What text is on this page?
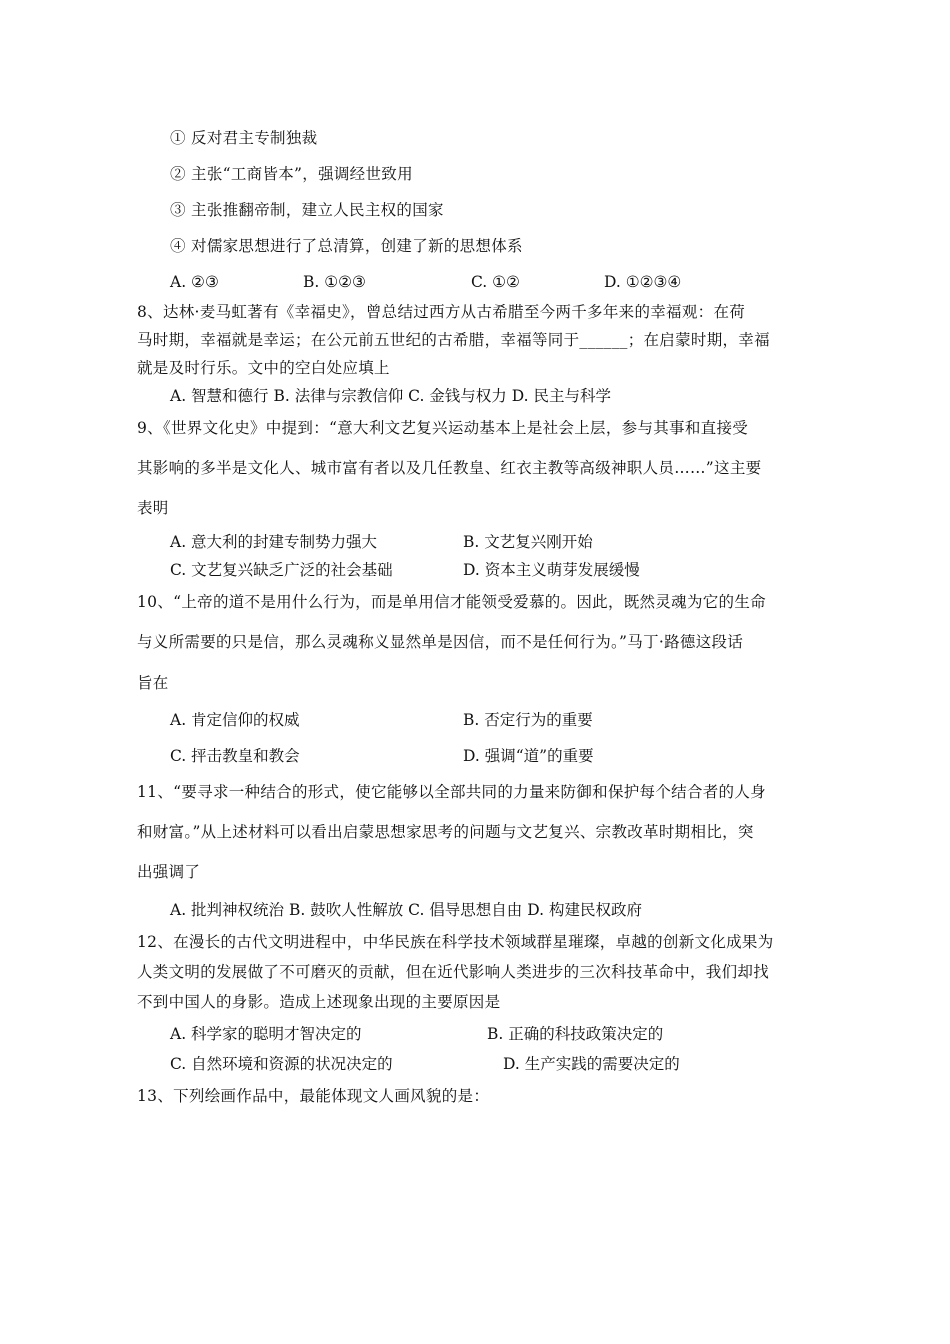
① 反对君主专制独裁
② 主张“工商皆本”，强调经世致用
③ 主张推翻帝制，建立人民主权的国家
④ 对儒家思想进行了总清算，创建了新的思想体系
A. ②③	B. ①②③	C. ①②	D. ①②③④
8、达林·麦马虹著有《幸福史》，曾总结过西方从古希腊至今两千多年来的幸福观：在荷
马时期，幸福就是幸运；在公元前五世纪的古希腊，幸福等同于______；在启蒙时期，幸福
就是及时行乐。文中的空白处应填上
A. 智慧和德行 B. 法律与宗教信仰 C. 金钱与权力 D. 民主与科学
9、《世界文化史》中提到：“意大利文艺复兴运动基本上是社会上层，参与其事和直接受
其影响的多半是文化人、城市富有者以及几任教皇、红衣主教等高级神职人员……”这主要
表明
A. 意大利的封建专制势力强大	B. 文艺复兴刚开始
C. 文艺复兴缺乏广泛的社会基础	D. 资本主义萌芽发展缓慢
10、“上帝的道不是用什么行为，而是单用信才能领受爱慕的。因此，既然灵魂为它的生命
与义所需要的只是信，那么灵魂称义显然单是因信，而不是任何行为。”马丁·路德这段话
旨在
A. 肯定信仰的权威	B. 否定行为的重要
C. 抨击教皇和教会	D. 强调“道”的重要
11、“要寻求一种结合的形式，使它能够以全部共同的力量来防御和保护每个结合者的人身
和财富。”从上述材料可以看出启蒙思想家思考的问题与文艺复兴、宗教改革时期相比，突
出强调了
A. 批判神权统治 B. 鼓吹人性解放 C. 倡导思想自由 D. 构建民权政府
12、在漫长的古代文明进程中，中华民族在科学技术领域群星璀璨，卓越的创新文化成果为
人类文明的发展做了不可磨灭的贡献，但在近代影响人类进步的三次科技革命中，我们却找
不到中国人的身影。造成上述现象出现的主要原因是
A. 科学家的聪明才智决定的	B. 正确的科技政策决定的
C. 自然环境和资源的状况决定的	D. 生产实践的需要决定的
13、下列绘画作品中，最能体现文人画风貌的是：
